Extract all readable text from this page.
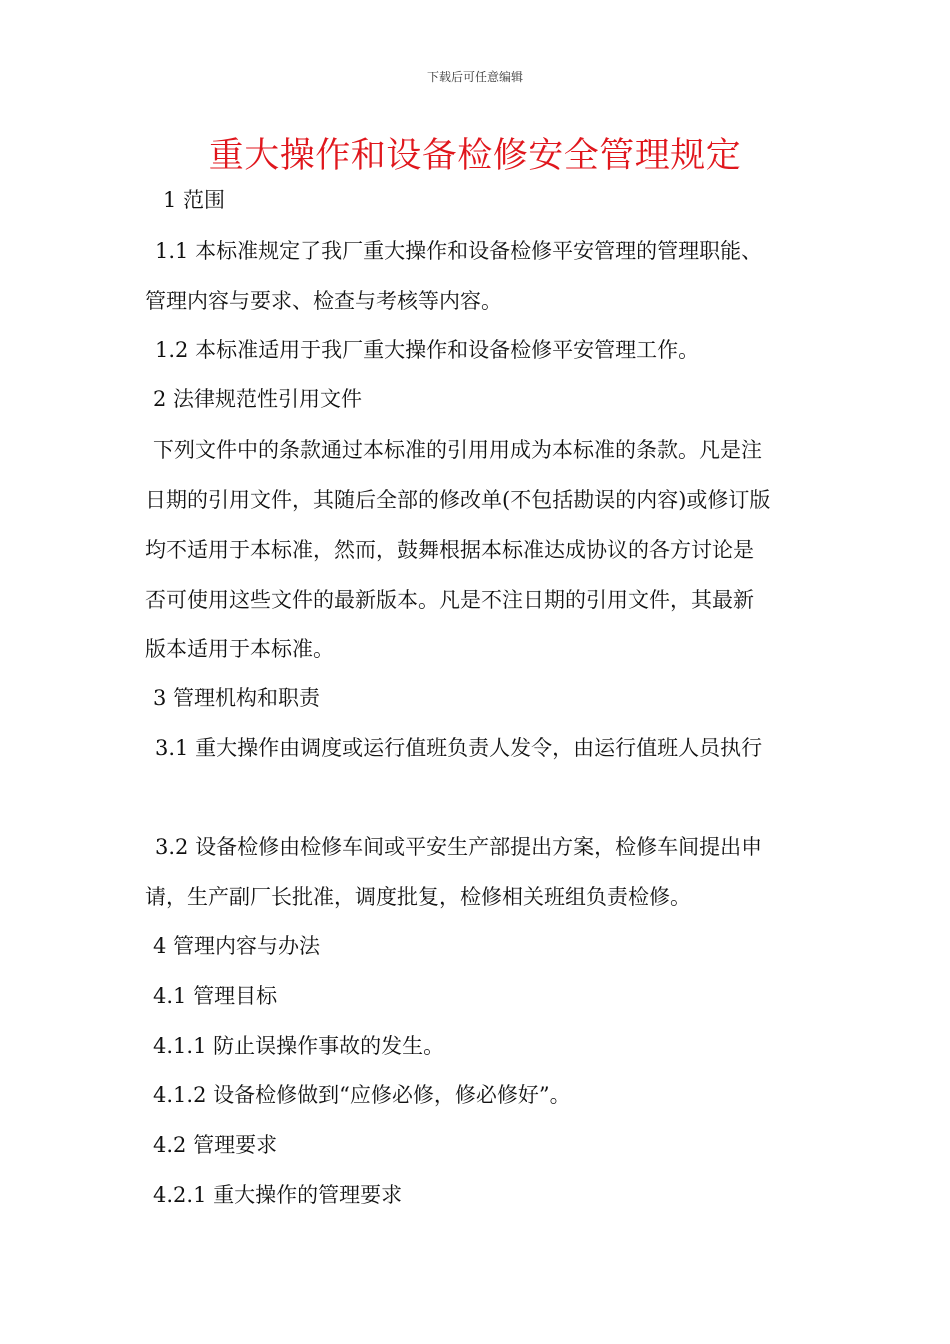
下载后可任意编辑
重大操作和设备检修安全管理规定
1 范围
1.1 本标准规定了我厂重大操作和设备检修平安管理的管理职能、
管理内容与要求、检查与考核等内容。
1.2 本标准适用于我厂重大操作和设备检修平安管理工作。
2 法律规范性引用文件
下列文件中的条款通过本标准的引用用成为本标准的条款。凡是注
日期的引用文件，其随后全部的修改单(不包括勘误的内容)或修订版
均不适用于本标准，然而，鼓舞根据本标准达成协议的各方讨论是
否可使用这些文件的最新版本。凡是不注日期的引用文件，其最新
版本适用于本标准。
3 管理机构和职责
3.1 重大操作由调度或运行值班负责人发令，由运行值班人员执行
3.2 设备检修由检修车间或平安生产部提出方案，检修车间提出申
请，生产副厂长批准，调度批复，检修相关班组负责检修。
4 管理内容与办法
4.1 管理目标
4.1.1 防止误操作事故的发生。
4.1.2 设备检修做到“应修必修，修必修好”。
4.2 管理要求
4.2.1 重大操作的管理要求
